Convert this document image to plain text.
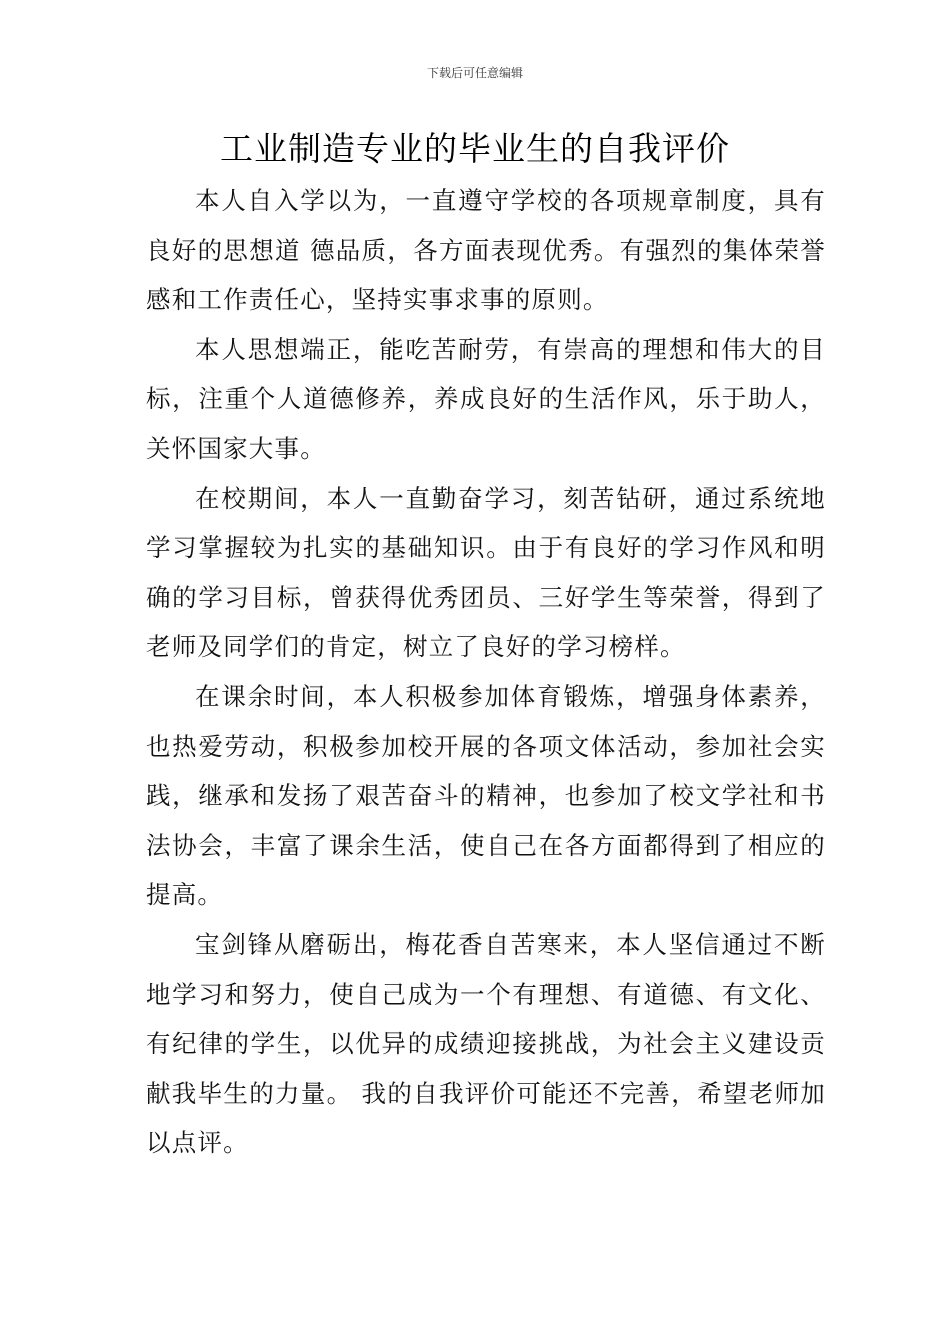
下载后可任意编辑
工业制造专业的毕业生的自我评价

本人自入学以为，一直遵守学校的各项规章制度，具有良好的思想道 德品质，各方面表现优秀。有强烈的集体荣誉感和工作责任心，坚持实事求事的原则。

本人思想端正，能吃苦耐劳，有崇高的理想和伟大的目标，注重个人道德修养，养成良好的生活作风，乐于助人，关怀国家大事。

在校期间，本人一直勤奋学习，刻苦钻研，通过系统地学习掌握较为扎实的基础知识。由于有良好的学习作风和明确的学习目标，曾获得优秀团员、三好学生等荣誉，得到了老师及同学们的肯定，树立了良好的学习榜样。

在课余时间，本人积极参加体育锻炼，增强身体素养，也热爱劳动，积极参加校开展的各项文体活动，参加社会实践，继承和发扬了艰苦奋斗的精神，也参加了校文学社和书法协会，丰富了课余生活，使自己在各方面都得到了相应的提高。

宝剑锋从磨砺出，梅花香自苦寒来，本人坚信通过不断地学习和努力，使自己成为一个有理想、有道德、有文化、有纪律的学生，以优异的成绩迎接挑战，为社会主义建设贡献我毕生的力量。 我的自我评价可能还不完善，希望老师加以点评。
